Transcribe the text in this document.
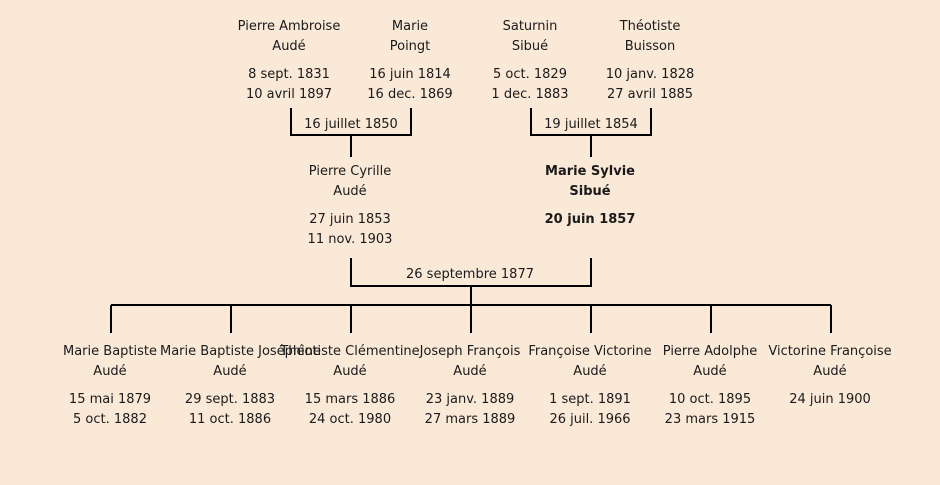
Pierre Ambroise
Audé
8 sept. 1831
10 avril 1897
Marie
Poingt
16 juin 1814
16 dec. 1869
Saturnin
Sibué
5 oct. 1829
1 dec. 1883
Théotiste
Buisson
10 janv. 1828
27 avril 1885
16 juillet 1850	19 juillet 1854
Pierre Cyrille
Audé
27 juin 1853
11 nov. 1903
Marie Sylvie
Sibué
20 juin 1857
26 septembre 1877
Marie Baptiste
Audé
15 mai 1879
5 oct. 1882
Marie Baptiste Joséphine
Audé
29 sept. 1883
11 oct. 1886
Théotiste Clémentine
Audé
15 mars 1886
24 oct. 1980
Joseph François
Audé
23 janv. 1889
27 mars 1889
Françoise Victorine
Audé
1 sept. 1891
26 juil. 1966
Pierre Adolphe
Audé
10 oct. 1895
23 mars 1915
Victorine Françoise
Audé
24 juin 1900
